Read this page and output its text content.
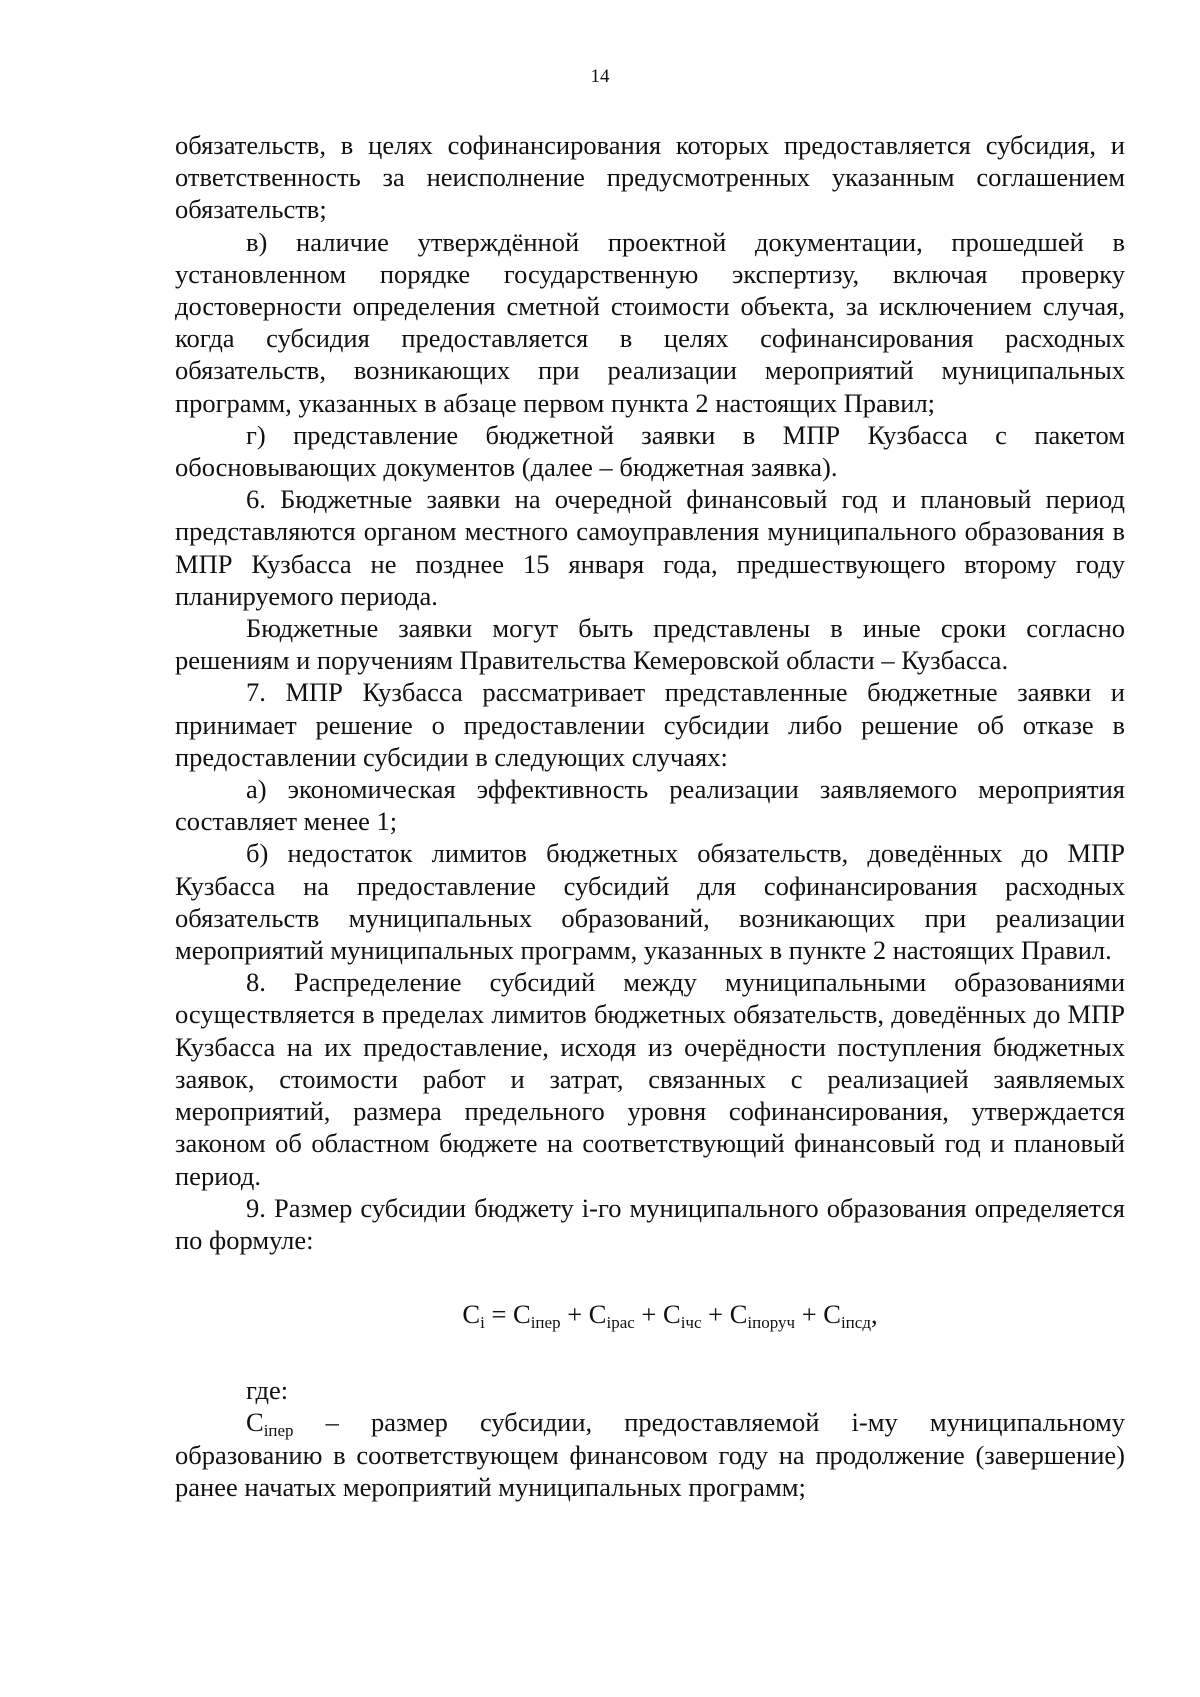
14

обязательств, в целях софинансирования которых предоставляется субсидия, и ответственность за неисполнение предусмотренных указанным соглашением обязательств;

в) наличие утверждённой проектной документации, прошедшей в установленном порядке государственную экспертизу, включая проверку достоверности определения сметной стоимости объекта, за исключением случая, когда субсидия предоставляется в целях софинансирования расходных обязательств, возникающих при реализации мероприятий муниципальных программ, указанных в абзаце первом пункта 2 настоящих Правил;

г) представление бюджетной заявки в МПР Кузбасса с пакетом обосновывающих документов (далее – бюджетная заявка).

6. Бюджетные заявки на очередной финансовый год и плановый период представляются органом местного самоуправления муниципального образования в МПР Кузбасса не позднее 15 января года, предшествующего второму году планируемого периода.

Бюджетные заявки могут быть представлены в иные сроки согласно решениям и поручениям Правительства Кемеровской области – Кузбасса.

7. МПР Кузбасса рассматривает представленные бюджетные заявки и принимает решение о предоставлении субсидии либо решение об отказе в предоставлении субсидии в следующих случаях:

а) экономическая эффективность реализации заявляемого мероприятия составляет менее 1;

б) недостаток лимитов бюджетных обязательств, доведённых до МПР Кузбасса на предоставление субсидий для софинансирования расходных обязательств муниципальных образований, возникающих при реализации мероприятий муниципальных программ, указанных в пункте 2 настоящих Правил.

8. Распределение субсидий между муниципальными образованиями осуществляется в пределах лимитов бюджетных обязательств, доведённых до МПР Кузбасса на их предоставление, исходя из очерёдности поступления бюджетных заявок, стоимости работ и затрат, связанных с реализацией заявляемых мероприятий, размера предельного уровня софинансирования, утверждается законом об областном бюджете на соответствующий финансовый год и плановый период.

9. Размер субсидии бюджету i-го муниципального образования определяется по формуле:

$C_i = C_{iпер} + C_{iрас} + C_{iчс} + C_{iпоруч} + C_{iпсд}$,

где:

Ciпер – размер субсидии, предоставляемой i-му муниципальному образованию в соответствующем финансовом году на продолжение (завершение) ранее начатых мероприятий муниципальных программ;
